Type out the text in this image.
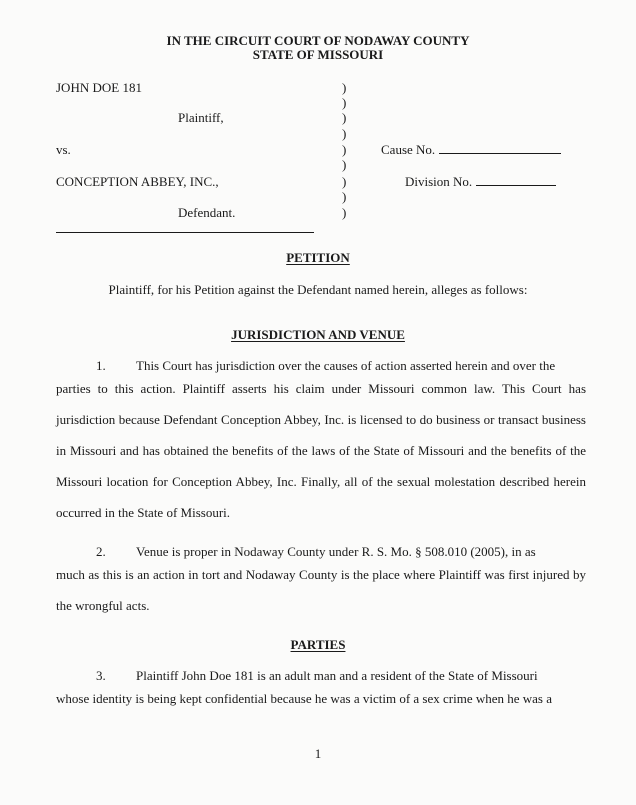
IN THE CIRCUIT COURT OF NODAWAY COUNTY
STATE OF MISSOURI
JOHN DOE 181
Plaintiff,
vs.
CONCEPTION ABBEY, INC.,
Defendant.
)
)
)
)
)
)
)
)
)
Cause No.
Division No.
PETITION
Plaintiff, for his Petition against the Defendant named herein, alleges as follows:
JURISDICTION AND VENUE
1. This Court has jurisdiction over the causes of action asserted herein and over the
parties to this action. Plaintiff asserts his claim under Missouri common law. This Court has jurisdiction because Defendant Conception Abbey, Inc. is licensed to do business or transact business in Missouri and has obtained the benefits of the laws of the State of Missouri and the benefits of the Missouri location for Conception Abbey, Inc. Finally, all of the sexual molestation described herein occurred in the State of Missouri.
2. Venue is proper in Nodaway County under R. S. Mo. § 508.010 (2005), in as
much as this is an action in tort and Nodaway County is the place where Plaintiff was first injured by the wrongful acts.
PARTIES
3. Plaintiff John Doe 181 is an adult man and a resident of the State of Missouri
whose identity is being kept confidential because he was a victim of a sex crime when he was a
1
